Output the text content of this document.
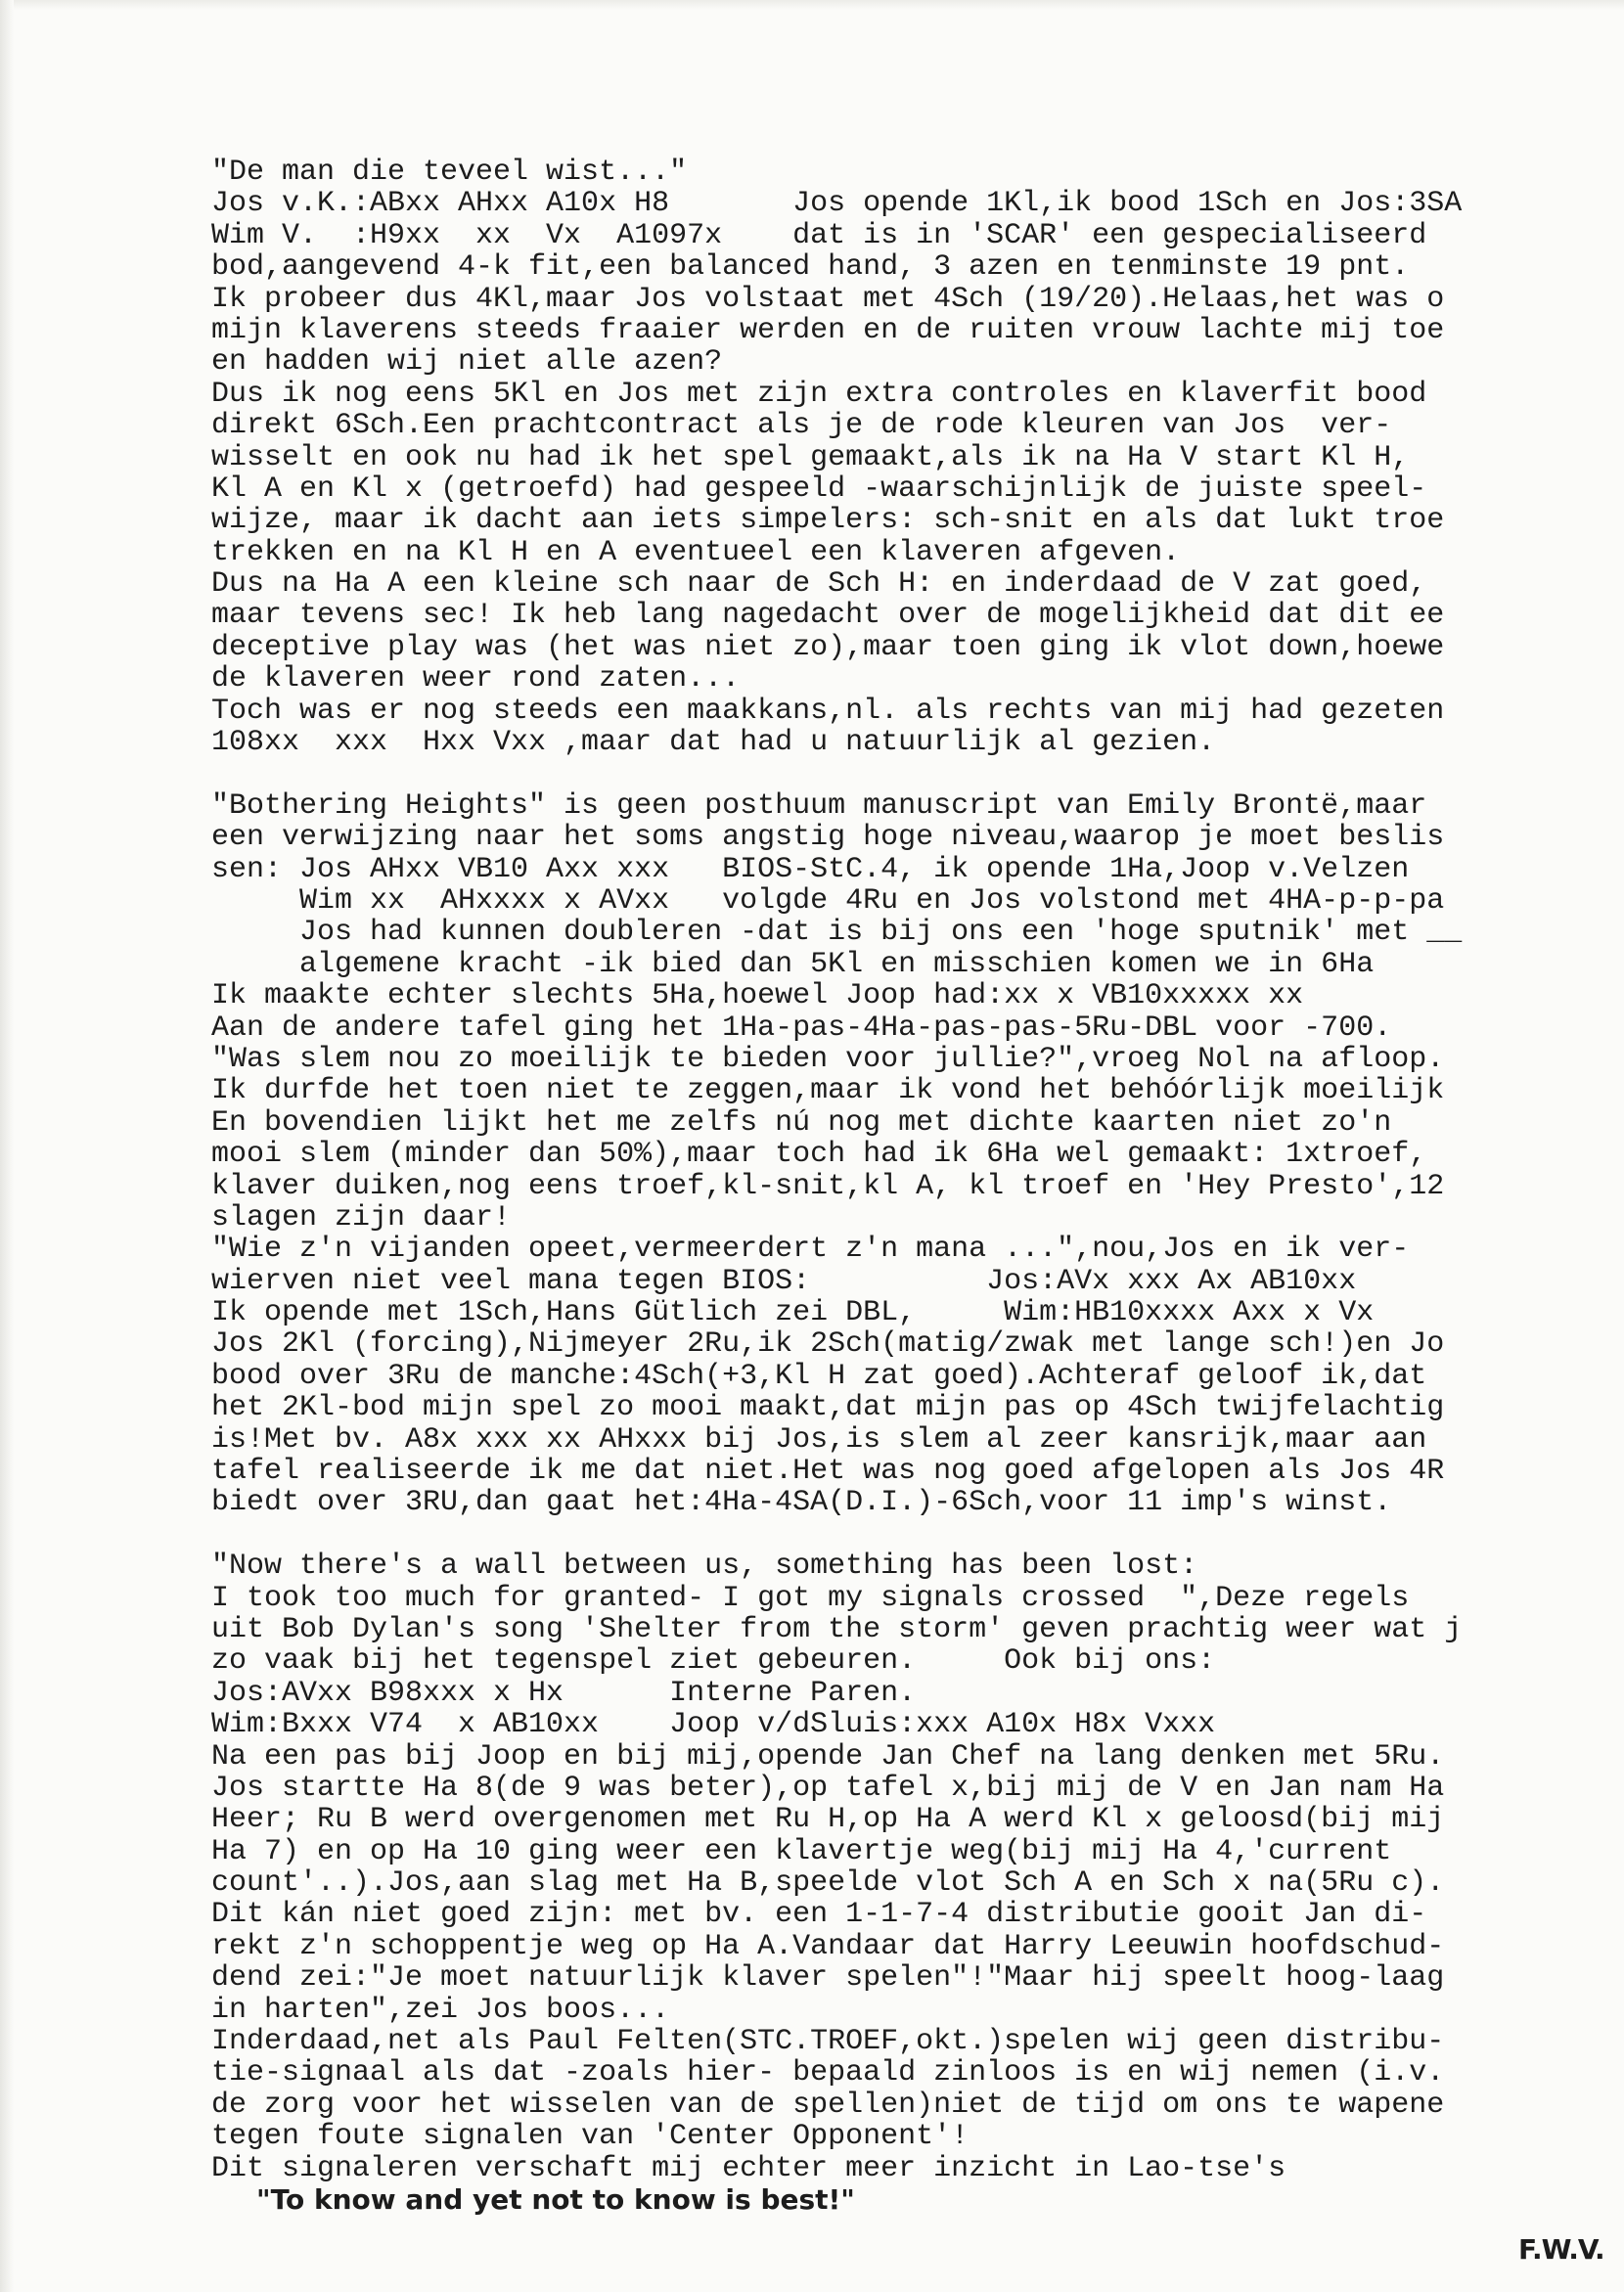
"De man die teveel wist..."
Jos v.K.:ABxx AHxx A10x H8       Jos opende 1Kl,ik bood 1Sch en Jos:3SA
Wim V.  :H9xx  xx  Vx  A1097x    dat is in 'SCAR' een gespecialiseerd
bod,aangevend 4-k fit,een balanced hand, 3 azen en tenminste 19 pnt.
Ik probeer dus 4Kl,maar Jos volstaat met 4Sch (19/20).Helaas,het was o
mijn klaverens steeds fraaier werden en de ruiten vrouw lachte mij toe
en hadden wij niet alle azen?
Dus ik nog eens 5Kl en Jos met zijn extra controles en klaverfit bood
direkt 6Sch.Een prachtcontract als je de rode kleuren van Jos  ver-
wisselt en ook nu had ik het spel gemaakt,als ik na Ha V start Kl H,
Kl A en Kl x (getroefd) had gespeeld -waarschijnlijk de juiste speel-
wijze, maar ik dacht aan iets simpelers: sch-snit en als dat lukt troe
trekken en na Kl H en A eventueel een klaveren afgeven.
Dus na Ha A een kleine sch naar de Sch H: en inderdaad de V zat goed,
maar tevens sec! Ik heb lang nagedacht over de mogelijkheid dat dit ee
deceptive play was (het was niet zo),maar toen ging ik vlot down,hoewe
de klaveren weer rond zaten...
Toch was er nog steeds een maakkans,nl. als rechts van mij had gezeten
108xx  xxx  Hxx Vxx ,maar dat had u natuurlijk al gezien.
"Bothering Heights" is geen posthuum manuscript van Emily Brontë,maar
een verwijzing naar het soms angstig hoge niveau,waarop je moet beslis
sen: Jos AHxx VB10 Axx xxx   BIOS-StC.4, ik opende 1Ha,Joop v.Velzen
Wim xx  AHxxxx x AVxx   volgde 4Ru en Jos volstond met 4HA-p-p-pa
Jos had kunnen doubleren -dat is bij ons een 'hoge sputnik' met __
algemene kracht -ik bied dan 5Kl en misschien komen we in 6Ha
Ik maakte echter slechts 5Ha,hoewel Joop had:xx x VB10xxxxx xx
Aan de andere tafel ging het 1Ha-pas-4Ha-pas-pas-5Ru-DBL voor -700.
"Was slem nou zo moeilijk te bieden voor jullie?",vroeg Nol na afloop.
Ik durfde het toen niet te zeggen,maar ik vond het behóórlijk moeilijk
En bovendien lijkt het me zelfs nú nog met dichte kaarten niet zo'n
mooi slem (minder dan 50%),maar toch had ik 6Ha wel gemaakt: 1xtroef,
klaver duiken,nog eens troef,kl-snit,kl A, kl troef en 'Hey Presto',12
slagen zijn daar!
"Wie z'n vijanden opeet,vermeerdert z'n mana ...",nou,Jos en ik ver-
wierven niet veel mana tegen BIOS:          Jos:AVx xxx Ax AB10xx
Ik opende met 1Sch,Hans Gütlich zei DBL,     Wim:HB10xxxx Axx x Vx
Jos 2Kl (forcing),Nijmeyer 2Ru,ik 2Sch(matig/zwak met lange sch!)en Jo
bood over 3Ru de manche:4Sch(+3,Kl H zat goed).Achteraf geloof ik,dat
het 2Kl-bod mijn spel zo mooi maakt,dat mijn pas op 4Sch twijfelachtig
is!Met bv. A8x xxx xx AHxxx bij Jos,is slem al zeer kansrijk,maar aan
tafel realiseerde ik me dat niet.Het was nog goed afgelopen als Jos 4R
biedt over 3RU,dan gaat het:4Ha-4SA(D.I.)-6Sch,voor 11 imp's winst.
"Now there's a wall between us, something has been lost:
I took too much for granted- I got my signals crossed  ",Deze regels
uit Bob Dylan's song 'Shelter from the storm' geven prachtig weer wat j
zo vaak bij het tegenspel ziet gebeuren.     Ook bij ons:
Jos:AVxx B98xxx x Hx      Interne Paren.
Wim:Bxxx V74  x AB10xx    Joop v/dSluis:xxx A10x H8x Vxxx
Na een pas bij Joop en bij mij,opende Jan Chef na lang denken met 5Ru.
Jos startte Ha 8(de 9 was beter),op tafel x,bij mij de V en Jan nam Ha
Heer; Ru B werd overgenomen met Ru H,op Ha A werd Kl x geloosd(bij mij
Ha 7) en op Ha 10 ging weer een klavertje weg(bij mij Ha 4,'current
count'..).Jos,aan slag met Ha B,speelde vlot Sch A en Sch x na(5Ru c).
Dit kán niet goed zijn: met bv. een 1-1-7-4 distributie gooit Jan di-
rekt z'n schoppentje weg op Ha A.Vandaar dat Harry Leeuwin hoofdschud-
dend zei:"Je moet natuurlijk klaver spelen"!"Maar hij speelt hoog-laag
in harten",zei Jos boos...
Inderdaad,net als Paul Felten(STC.TROEF,okt.)spelen wij geen distribu-
tie-signaal als dat -zoals hier- bepaald zinloos is en wij nemen (i.v.
de zorg voor het wisselen van de spellen)niet de tijd om ons te wapene
tegen foute signalen van 'Center Opponent'!
Dit signaleren verschaft mij echter meer inzicht in Lao-tse's
"To know and yet not to know is best!"
F.W.V.
